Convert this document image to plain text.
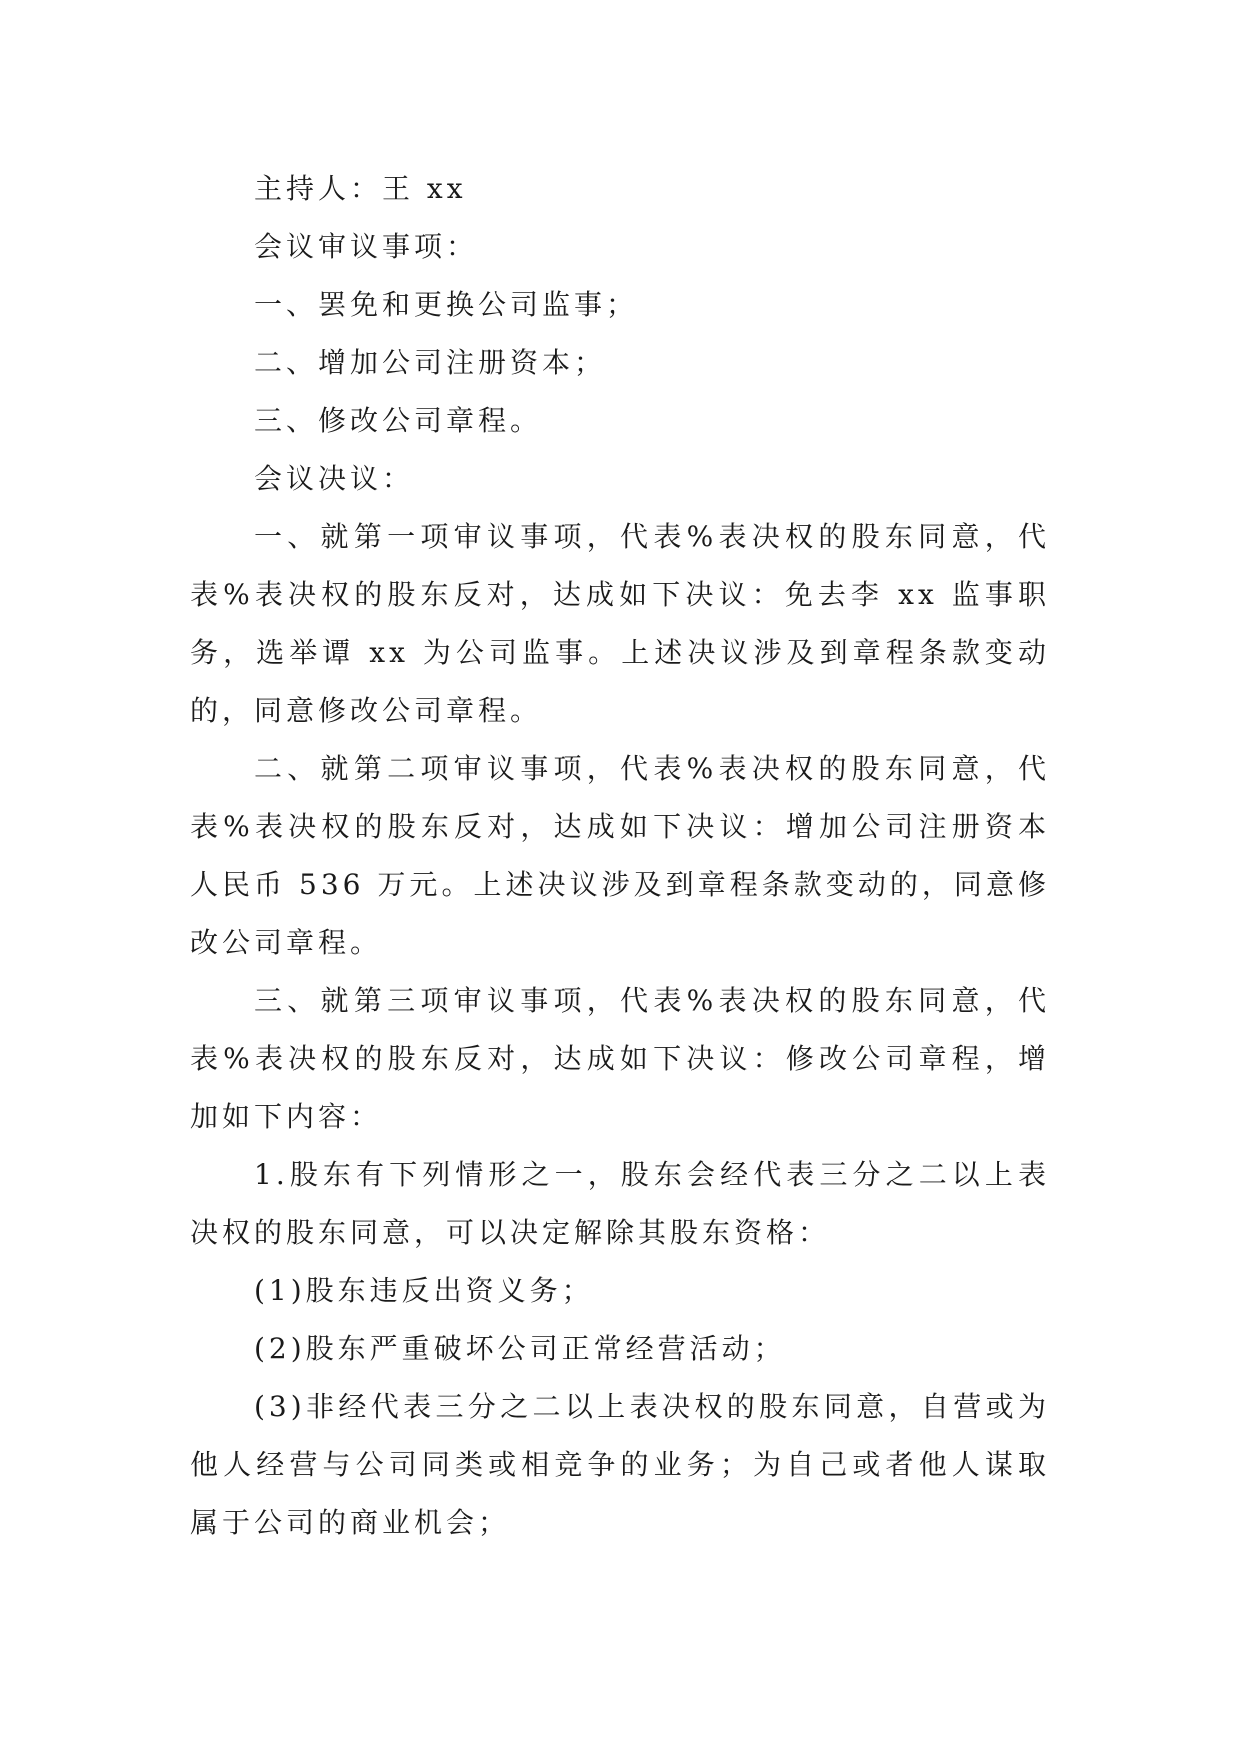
主持人：王 xx

会议审议事项：

一、罢免和更换公司监事；

二、增加公司注册资本；

三、修改公司章程。

会议决议：

一、就第一项审议事项，代表%表决权的股东同意，代表%表决权的股东反对，达成如下决议：免去李 xx 监事职务，选举谭 xx 为公司监事。上述决议涉及到章程条款变动的，同意修改公司章程。

二、就第二项审议事项，代表%表决权的股东同意，代表%表决权的股东反对，达成如下决议：增加公司注册资本人民币 536 万元。上述决议涉及到章程条款变动的，同意修改公司章程。

三、就第三项审议事项，代表%表决权的股东同意，代表%表决权的股东反对，达成如下决议：修改公司章程，增加如下内容：

1.股东有下列情形之一，股东会经代表三分之二以上表决权的股东同意，可以决定解除其股东资格：

(1)股东违反出资义务；

(2)股东严重破坏公司正常经营活动；

(3)非经代表三分之二以上表决权的股东同意，自营或为他人经营与公司同类或相竞争的业务；为自己或者他人谋取属于公司的商业机会；
